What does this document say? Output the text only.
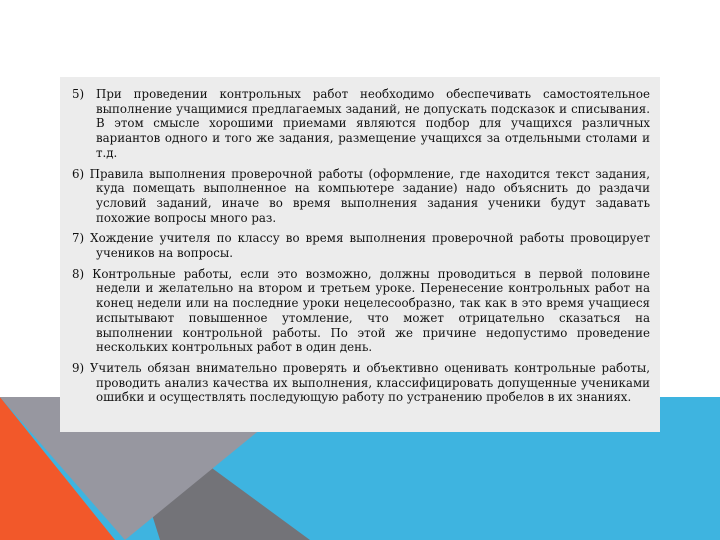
5) При проведении контрольных работ необходимо обеспечивать самостоятельное выполнение учащимися предлагаемых заданий, не допускать подсказок и списывания. В этом смысле хорошими приемами являются подбор для учащихся различных вариантов одного и того же задания, размещение учащихся за отдельными столами и т.д.

6) Правила выполнения проверочной работы (оформление, где находится текст задания, куда помещать выполненное на компьютере задание) надо объяснить до раздачи условий заданий, иначе во время выполнения задания ученики будут задавать похожие вопросы много раз.

7) Хождение учителя по классу во время выполнения проверочной работы провоцирует учеников на вопросы.

8) Контрольные работы, если это возможно, должны проводиться в первой половине недели и желательно на втором и третьем уроке. Перенесение контрольных работ на конец недели или на последние уроки нецелесообразно, так как в это время учащиеся испытывают повышенное утомление, что может отрицательно сказаться на выполнении контрольной работы. По этой же причине недопустимо проведение нескольких контрольных работ в один день.

9) Учитель обязан внимательно проверять и объективно оценивать контрольные работы, проводить анализ качества их выполнения, классифицировать допущенные учениками ошибки и осуществлять последующую работу по устранению пробелов в их знаниях.
